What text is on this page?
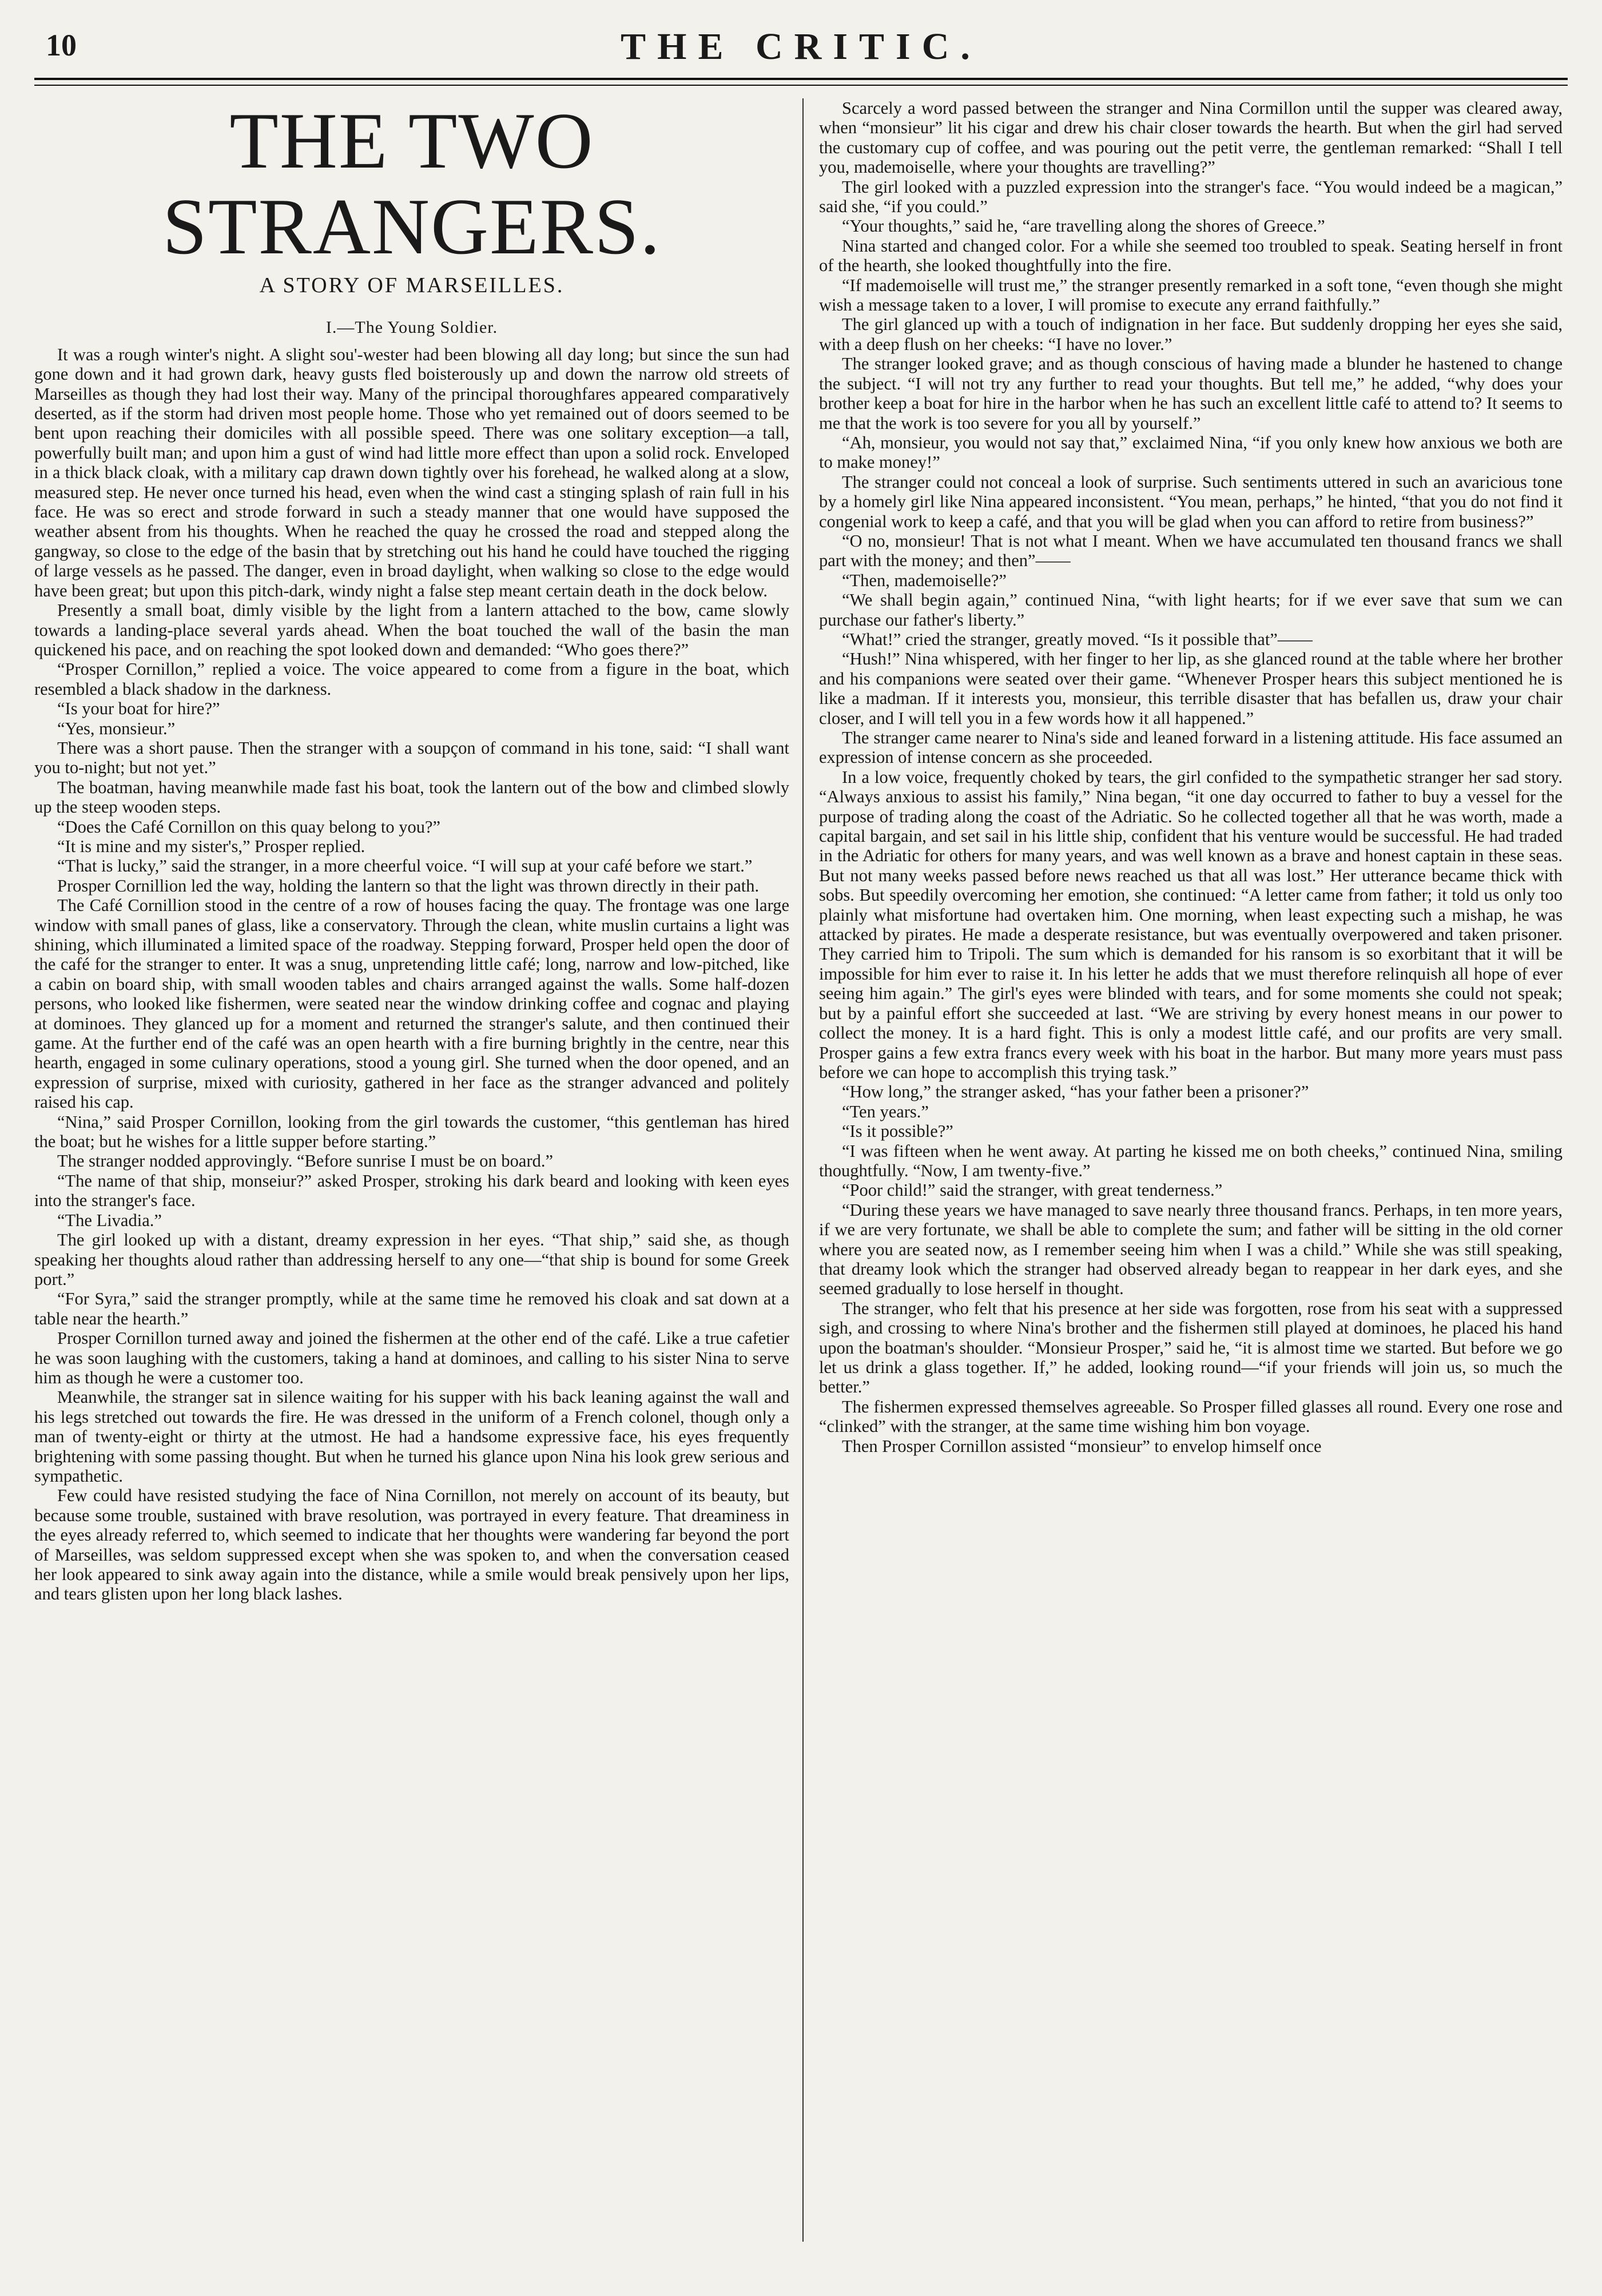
10	THE CRITIC.
THE TWO STRANGERS.
A STORY OF MARSEILLES.
I.—The Young Soldier.

It was a rough winter's night. A slight sou'-wester had been blowing all day long; but since the sun had gone down and it had grown dark, heavy gusts fled boisterously up and down the narrow old streets of Marseilles as though they had lost their way. Many of the principal thoroughfares appeared comparatively deserted, as if the storm had driven most people home. Those who yet remained out of doors seemed to be bent upon reaching their domiciles with all possible speed. There was one solitary exception—a tall, powerfully built man; and upon him a gust of wind had little more effect than upon a solid rock. Enveloped in a thick black cloak, with a military cap drawn down tightly over his forehead, he walked along at a slow, measured step. He never once turned his head, even when the wind cast a stinging splash of rain full in his face. He was so erect and strode forward in such a steady manner that one would have supposed the weather absent from his thoughts. When he reached the quay he crossed the road and stepped along the gangway, so close to the edge of the basin that by stretching out his hand he could have touched the rigging of large vessels as he passed. The danger, even in broad daylight, when walking so close to the edge would have been great; but upon this pitch-dark, windy night a false step meant certain death in the dock below.

Presently a small boat, dimly visible by the light from a lantern attached to the bow, came slowly towards a landing-place several yards ahead. When the boat touched the wall of the basin the man quickened his pace, and on reaching the spot looked down and demanded: “Who goes there?”

“Prosper Cornillon,” replied a voice. The voice appeared to come from a figure in the boat, which resembled a black shadow in the darkness.

“Is your boat for hire?”

“Yes, monsieur.”

There was a short pause. Then the stranger with a soupçon of command in his tone, said: “I shall want you to-night; but not yet.”

The boatman, having meanwhile made fast his boat, took the lantern out of the bow and climbed slowly up the steep wooden steps.

“Does the Café Cornillon on this quay belong to you?”

“It is mine and my sister's,” Prosper replied.

“That is lucky,” said the stranger, in a more cheerful voice. “I will sup at your café before we start.”

Prosper Cornillion led the way, holding the lantern so that the light was thrown directly in their path.

The Café Cornillion stood in the centre of a row of houses facing the quay. The frontage was one large window with small panes of glass, like a conservatory. Through the clean, white muslin curtains a light was shining, which illuminated a limited space of the roadway. Stepping forward, Prosper held open the door of the café for the stranger to enter. It was a snug, unpretending little café; long, narrow and low-pitched, like a cabin on board ship, with small wooden tables and chairs arranged against the walls. Some half-dozen persons, who looked like fishermen, were seated near the window drinking coffee and cognac and playing at dominoes. They glanced up for a moment and returned the stranger's salute, and then continued their game. At the further end of the café was an open hearth with a fire burning brightly in the centre, near this hearth, engaged in some culinary operations, stood a young girl. She turned when the door opened, and an expression of surprise, mixed with curiosity, gathered in her face as the stranger advanced and politely raised his cap.

“Nina,” said Prosper Cornillon, looking from the girl towards the customer, “this gentleman has hired the boat; but he wishes for a little supper before starting.”

The stranger nodded approvingly. “Before sunrise I must be on board.”

“The name of that ship, monseiur?” asked Prosper, stroking his dark beard and looking with keen eyes into the stranger's face.

“The Livadia.”

The girl looked up with a distant, dreamy expression in her eyes. “That ship,” said she, as though speaking her thoughts aloud rather than addressing herself to any one—“that ship is bound for some Greek port.”

“For Syra,” said the stranger promptly, while at the same time he removed his cloak and sat down at a table near the hearth.”

Prosper Cornillon turned away and joined the fishermen at the other end of the café. Like a true cafetier he was soon laughing with the customers, taking a hand at dominoes, and calling to his sister Nina to serve him as though he were a customer too.

Meanwhile, the stranger sat in silence waiting for his supper with his back leaning against the wall and his legs stretched out towards the fire. He was dressed in the uniform of a French colonel, though only a man of twenty-eight or thirty at the utmost. He had a handsome expressive face, his eyes frequently brightening with some passing thought. But when he turned his glance upon Nina his look grew serious and sympathetic.

Few could have resisted studying the face of Nina Cornillon, not merely on account of its beauty, but because some trouble, sustained with brave resolution, was portrayed in every feature. That dreaminess in the eyes already referred to, which seemed to indicate that her thoughts were wandering far beyond the port of Marseilles, was seldom suppressed except when she was spoken to, and when the conversation ceased her look appeared to sink away again into the distance, while a smile would break pensively upon her lips, and tears glisten upon her long black lashes.

Scarcely a word passed between the stranger and Nina Cormillon until the supper was cleared away, when “monsieur” lit his cigar and drew his chair closer towards the hearth. But when the girl had served the customary cup of coffee, and was pouring out the petit verre, the gentleman remarked: “Shall I tell you, mademoiselle, where your thoughts are travelling?”

The girl looked with a puzzled expression into the stranger's face. “You would indeed be a magican,” said she, “if you could.”

“Your thoughts,” said he, “are travelling along the shores of Greece.”

Nina started and changed color. For a while she seemed too troubled to speak. Seating herself in front of the hearth, she looked thoughtfully into the fire.

“If mademoiselle will trust me,” the stranger presently remarked in a soft tone, “even though she might wish a message taken to a lover, I will promise to execute any errand faithfully.”

The girl glanced up with a touch of indignation in her face. But suddenly dropping her eyes she said, with a deep flush on her cheeks: “I have no lover.”

The stranger looked grave; and as though conscious of having made a blunder he hastened to change the subject. “I will not try any further to read your thoughts. But tell me,” he added, “why does your brother keep a boat for hire in the harbor when he has such an excellent little café to attend to? It seems to me that the work is too severe for you all by yourself.”

“Ah, monsieur, you would not say that,” exclaimed Nina, “if you only knew how anxious we both are to make money!”

The stranger could not conceal a look of surprise. Such sentiments uttered in such an avaricious tone by a homely girl like Nina appeared inconsistent. “You mean, perhaps,” he hinted, “that you do not find it congenial work to keep a café, and that you will be glad when you can afford to retire from business?”

“O no, monsieur! That is not what I meant. When we have accumulated ten thousand francs we shall part with the money; and then”——

“Then, mademoiselle?”

“We shall begin again,” continued Nina, “with light hearts; for if we ever save that sum we can purchase our father's liberty.”

“What!” cried the stranger, greatly moved. “Is it possible that”——

“Hush!” Nina whispered, with her finger to her lip, as she glanced round at the table where her brother and his companions were seated over their game. “Whenever Prosper hears this subject mentioned he is like a madman. If it interests you, monsieur, this terrible disaster that has befallen us, draw your chair closer, and I will tell you in a few words how it all happened.”

The stranger came nearer to Nina's side and leaned forward in a listening attitude. His face assumed an expression of intense concern as she proceeded.

In a low voice, frequently choked by tears, the girl confided to the sympathetic stranger her sad story. “Always anxious to assist his family,” Nina began, “it one day occurred to father to buy a vessel for the purpose of trading along the coast of the Adriatic. So he collected together all that he was worth, made a capital bargain, and set sail in his little ship, confident that his venture would be successful. He had traded in the Adriatic for others for many years, and was well known as a brave and honest captain in these seas. But not many weeks passed before news reached us that all was lost.” Her utterance became thick with sobs. But speedily overcoming her emotion, she continued: “A letter came from father; it told us only too plainly what misfortune had overtaken him. One morning, when least expecting such a mishap, he was attacked by pirates. He made a desperate resistance, but was eventually overpowered and taken prisoner. They carried him to Tripoli. The sum which is demanded for his ransom is so exorbitant that it will be impossible for him ever to raise it. In his letter he adds that we must therefore relinquish all hope of ever seeing him again.” The girl's eyes were blinded with tears, and for some moments she could not speak; but by a painful effort she succeeded at last. “We are striving by every honest means in our power to collect the money. It is a hard fight. This is only a modest little café, and our profits are very small. Prosper gains a few extra francs every week with his boat in the harbor. But many more years must pass before we can hope to accomplish this trying task.”

“How long,” the stranger asked, “has your father been a prisoner?”

“Ten years.”

“Is it possible?”

“I was fifteen when he went away. At parting he kissed me on both cheeks,” continued Nina, smiling thoughtfully. “Now, I am twenty-five.”

“Poor child!” said the stranger, with great tenderness.”

“During these years we have managed to save nearly three thousand francs. Perhaps, in ten more years, if we are very fortunate, we shall be able to complete the sum; and father will be sitting in the old corner where you are seated now, as I remember seeing him when I was a child.” While she was still speaking, that dreamy look which the stranger had observed already began to reappear in her dark eyes, and she seemed gradually to lose herself in thought.

The stranger, who felt that his presence at her side was forgotten, rose from his seat with a suppressed sigh, and crossing to where Nina's brother and the fishermen still played at dominoes, he placed his hand upon the boatman's shoulder. “Monsieur Prosper,” said he, “it is almost time we started. But before we go let us drink a glass together. If,” he added, looking round—“if your friends will join us, so much the better.”

The fishermen expressed themselves agreeable. So Prosper filled glasses all round. Every one rose and “clinked” with the stranger, at the same time wishing him bon voyage.

Then Prosper Cornillon assisted “monsieur” to envelop himself once
